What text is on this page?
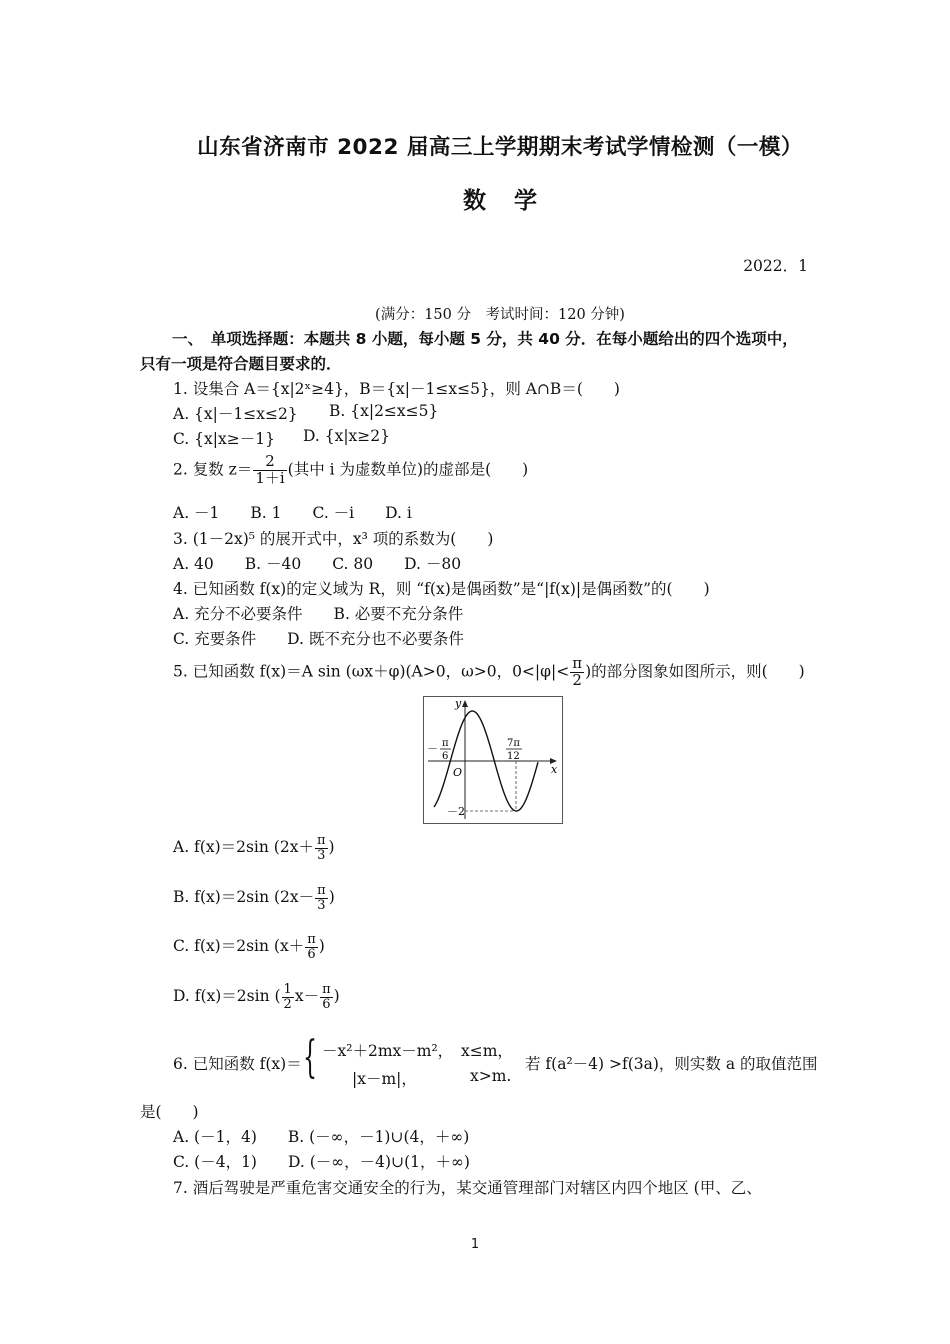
山东省济南市 2022 届高三上学期期末考试学情检测（一模）
数学
2022．1
(满分：150 分　考试时间：120 分钟)
一、　单项选择题：本题共 8 小题，每小题 5 分，共 40 分．在每小题给出的四个选项中，
只有一项是符合题目要求的．
1. 设集合 A＝{x|2ˣ≥4}，B＝{x|－1≤x≤5}，则 A∩B＝(　　)
A. {x|－1≤x≤2} B. {x|2≤x≤5}
C. {x|x≥－1} D. {x|x≥2}
2. 复数 $z= \frac{2}{1+i}$ (其中 i 为虚数单位)的虚部是(　　)
A. －1　　B. 1　　C. －i　　D. i
3. (1－2x)⁵ 的展开式中，x³ 项的系数为(　　)
A. 40　　B. －40　　C. 80　　D. －80
4. 已知函数 f(x)的定义域为 R，则 “f(x)是偶函数”是“|f(x)|是偶函数”的(　　)
A. 充分不必要条件　　B. 必要不充分条件
C. 充要条件　　D. 既不充分也不必要条件
5. 已知函数 f(x)＝A sin (ωx＋φ)(A>0，ω>0，$0<|\varphi|< \frac{\pi}{2}$ )的部分图象如图所示，则(　　)
y
x
O
－ π
6
7π
12
－2
A. f(x)＝2sin ($2x+ \frac{\pi}{3}$ )
B. f(x)＝2sin ($2x- \frac{\pi}{3}$ )
C. f(x)＝2sin ($x+ \frac{\pi}{6}$ )
D. f(x)＝2sin ( $\frac{1}{2} x- \frac{\pi}{6}$ )
6. 已知函数 f(x)＝ { －x²＋2mx－m²， x≤m，
|x－m|，	x>m.
若 f(a²－4) >f(3a)，则实数 a 的取值范围
是(　　)
A. (－1，4)　　B. (－∞，－1)∪(4，＋∞)
C. (－4，1)　　D. (－∞，－4)∪(1，＋∞)
7. 酒后驾驶是严重危害交通安全的行为，某交通管理部门对辖区内四个地区 (甲、乙、
1
